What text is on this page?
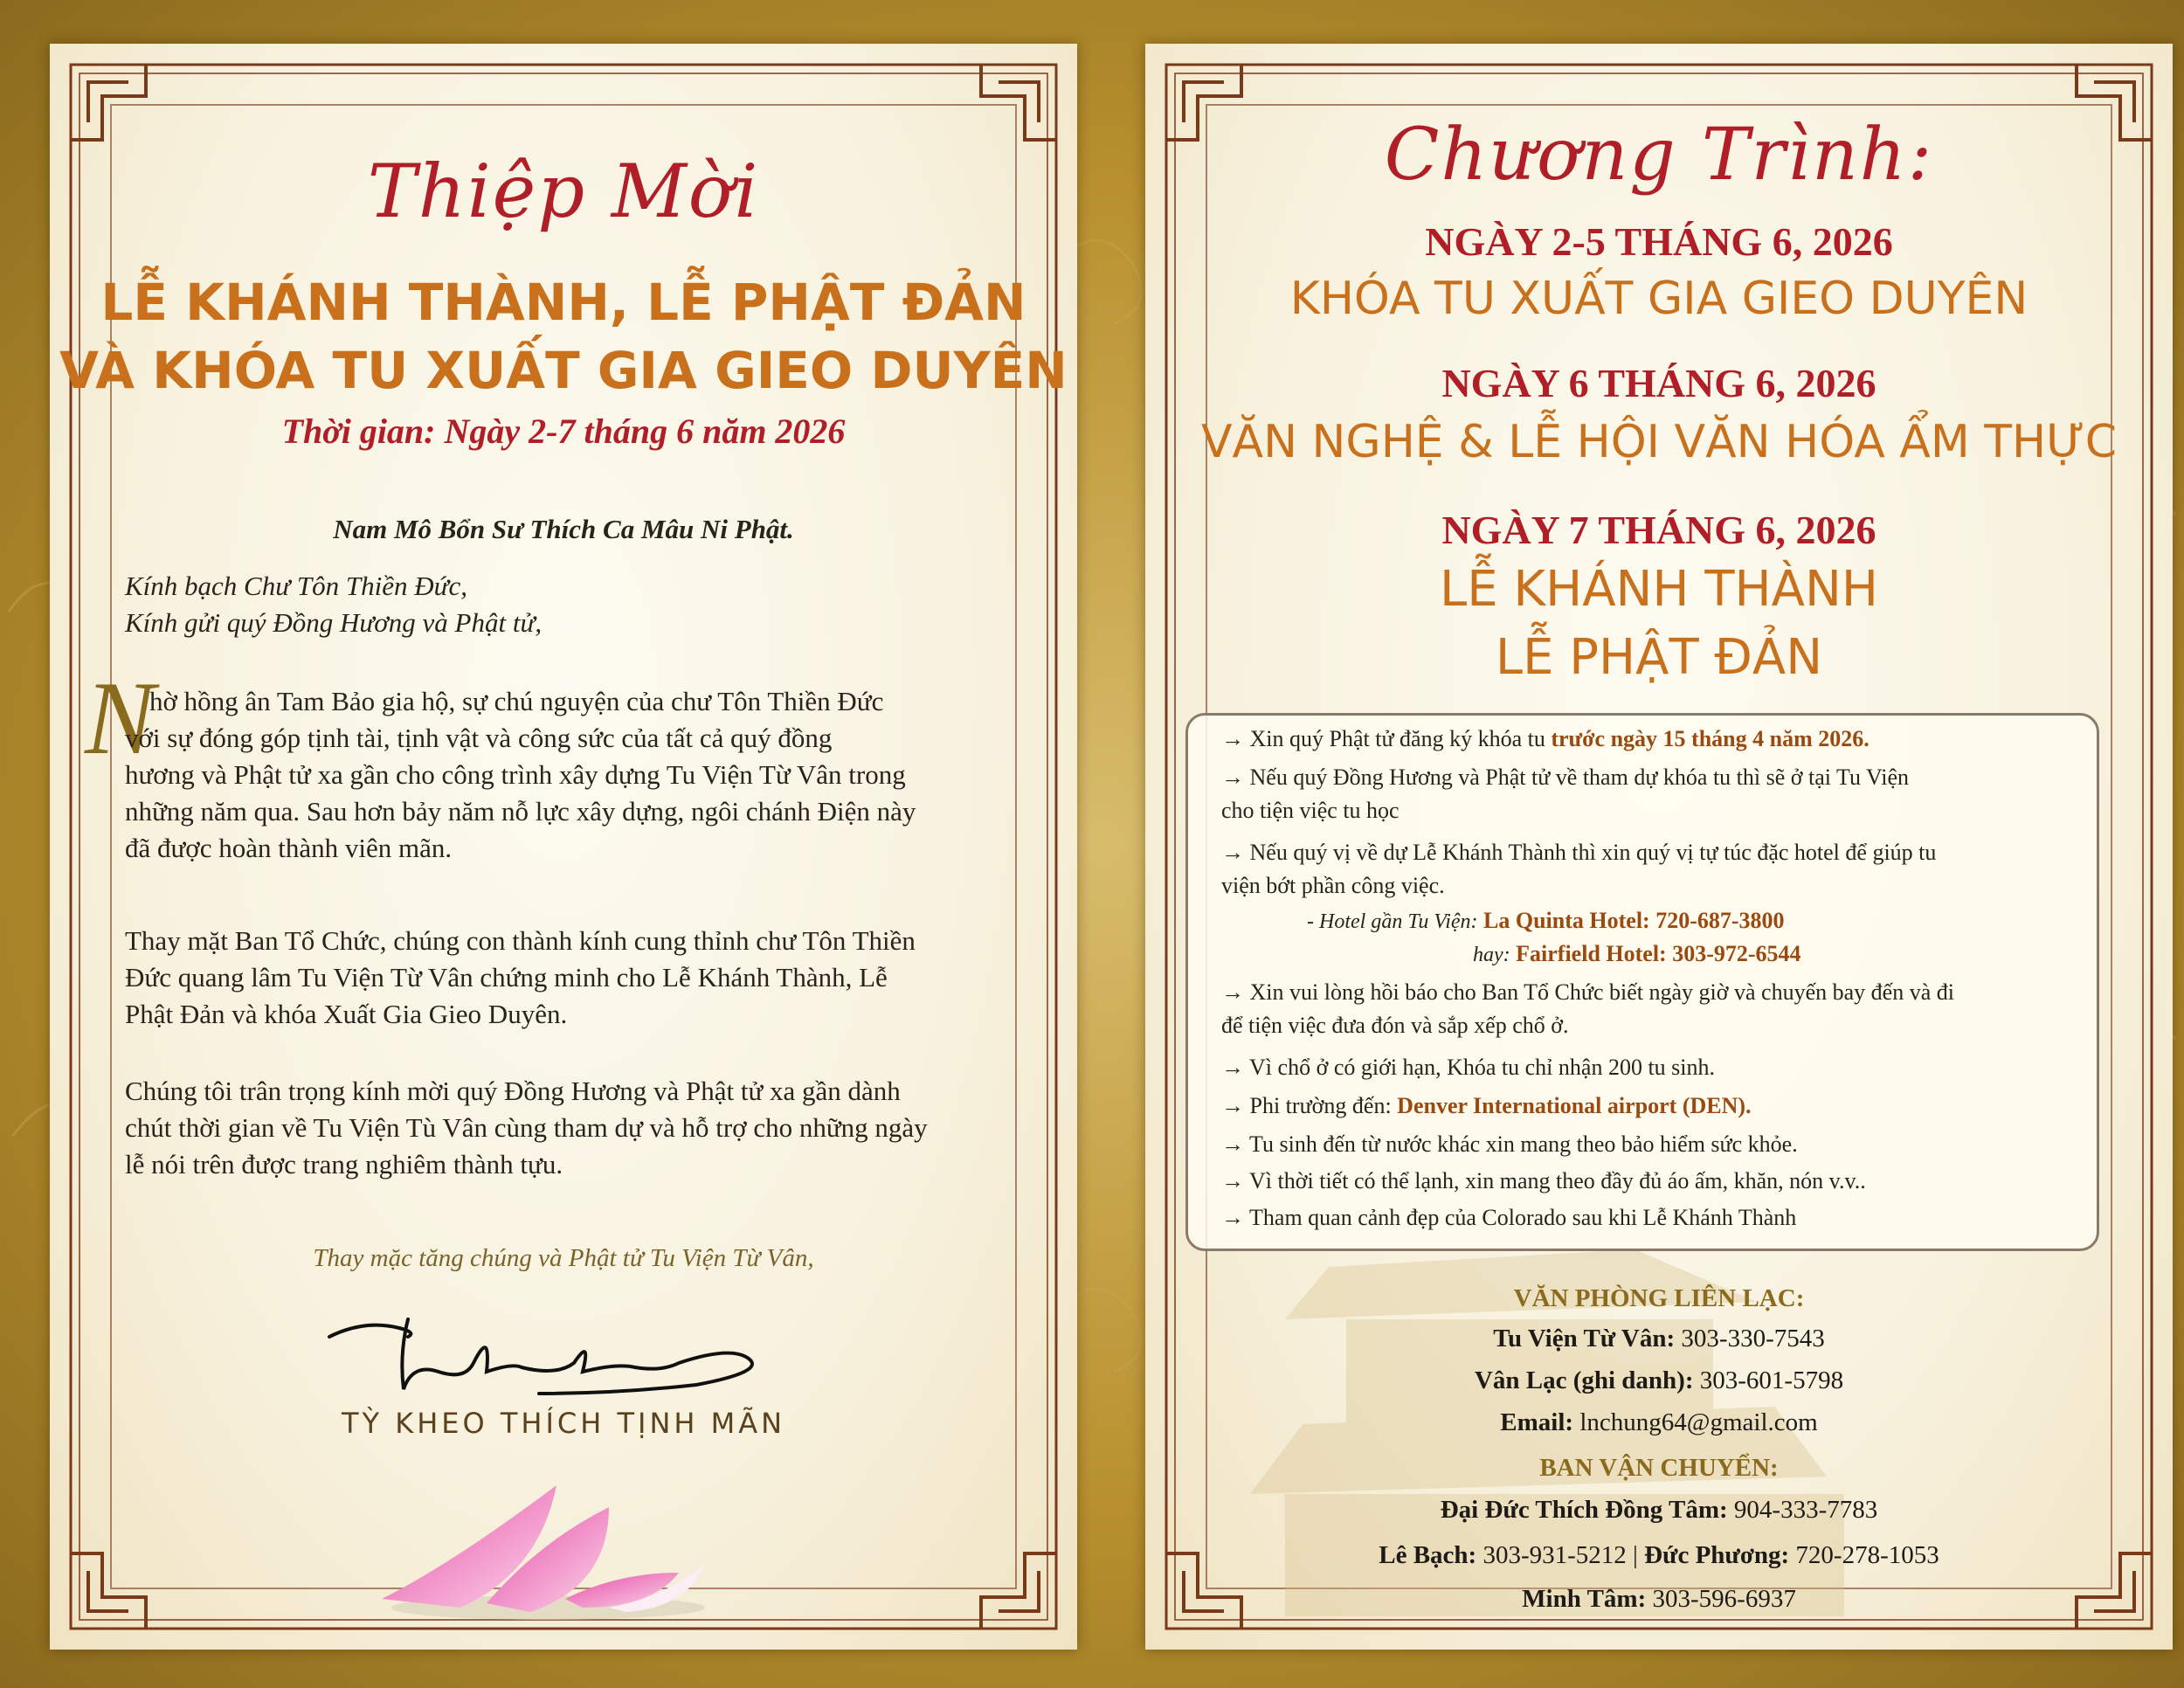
Thiệp Mời
LỄ KHÁNH THÀNH, LỄ PHẬT ĐẢN
VÀ KHÓA TU XUẤT GIA GIEO DUYÊN
Thời gian: Ngày 2-7 tháng 6 năm 2026
Nam Mô Bổn Sư Thích Ca Mâu Ni Phật.
Kính bạch Chư Tôn Thiền Đức,
Kính gửi quý Đồng Hương và Phật tử,
N
hờ hồng ân Tam Bảo gia hộ, sự chú nguyện của chư Tôn Thiền Đức
với sự đóng góp tịnh tài, tịnh vật và công sức của tất cả quý đồng
hương và Phật tử xa gần cho công trình xây dựng Tu Viện Từ Vân trong
những năm qua. Sau hơn bảy năm nỗ lực xây dựng, ngôi chánh Điện này
đã được hoàn thành viên mãn.
Thay mặt Ban Tổ Chức, chúng con thành kính cung thỉnh chư Tôn Thiền
Đức quang lâm Tu Viện Từ Vân chứng minh cho Lễ Khánh Thành, Lễ
Phật Đản và khóa Xuất Gia Gieo Duyên.
Chúng tôi trân trọng kính mời quý Đồng Hương và Phật tử xa gần dành
chút thời gian về Tu Viện Tù Vân cùng tham dự và hỗ trợ cho những ngày
lễ nói trên được trang nghiêm thành tựu.
Thay mặc tăng chúng và Phật tử Tu Viện Từ Vân,
TỲ KHEO THÍCH TỊNH MÃN
Chương Trình:
NGÀY 2-5 THÁNG 6, 2026
KHÓA TU XUẤT GIA GIEO DUYÊN
NGÀY 6 THÁNG 6, 2026
VĂN NGHỆ & LỄ HỘI VĂN HÓA ẨM THỰC
NGÀY 7 THÁNG 6, 2026
LỄ KHÁNH THÀNH
LỄ PHẬT ĐẢN
→ Xin quý Phật tử đăng ký khóa tu trước ngày 15 tháng 4 năm 2026.
→ Nếu quý Đồng Hương và Phật tử về tham dự khóa tu thì sẽ ở tại Tu Viện
cho tiện việc tu học
→ Nếu quý vị về dự Lễ Khánh Thành thì xin quý vị tự túc đặc hotel để giúp tu
viện bớt phần công việc.
- Hotel gần Tu Viện: La Quinta Hotel: 720-687-3800
hay: Fairfield Hotel: 303-972-6544
→ Xin vui lòng hồi báo cho Ban Tổ Chức biết ngày giờ và chuyến bay đến và đi
để tiện việc đưa đón và sắp xếp chổ ở.
→ Vì chổ ở có giới hạn, Khóa tu chỉ nhận 200 tu sinh.
→ Phi trường đến: Denver International airport (DEN).
→ Tu sinh đến từ nước khác xin mang theo bảo hiểm sức khỏe.
→ Vì thời tiết có thể lạnh, xin mang theo đầy đủ áo ấm, khăn, nón v.v..
→ Tham quan cảnh đẹp của Colorado sau khi Lễ Khánh Thành
VĂN PHÒNG LIÊN LẠC:
Tu Viện Từ Vân: 303-330-7543
Vân Lạc (ghi danh): 303-601-5798
Email: lnchung64@gmail.com
BAN VẬN CHUYỂN:
Đại Đức Thích Đồng Tâm: 904-333-7783
Lê Bạch: 303-931-5212 | Đức Phương: 720-278-1053
Minh Tâm: 303-596-6937
